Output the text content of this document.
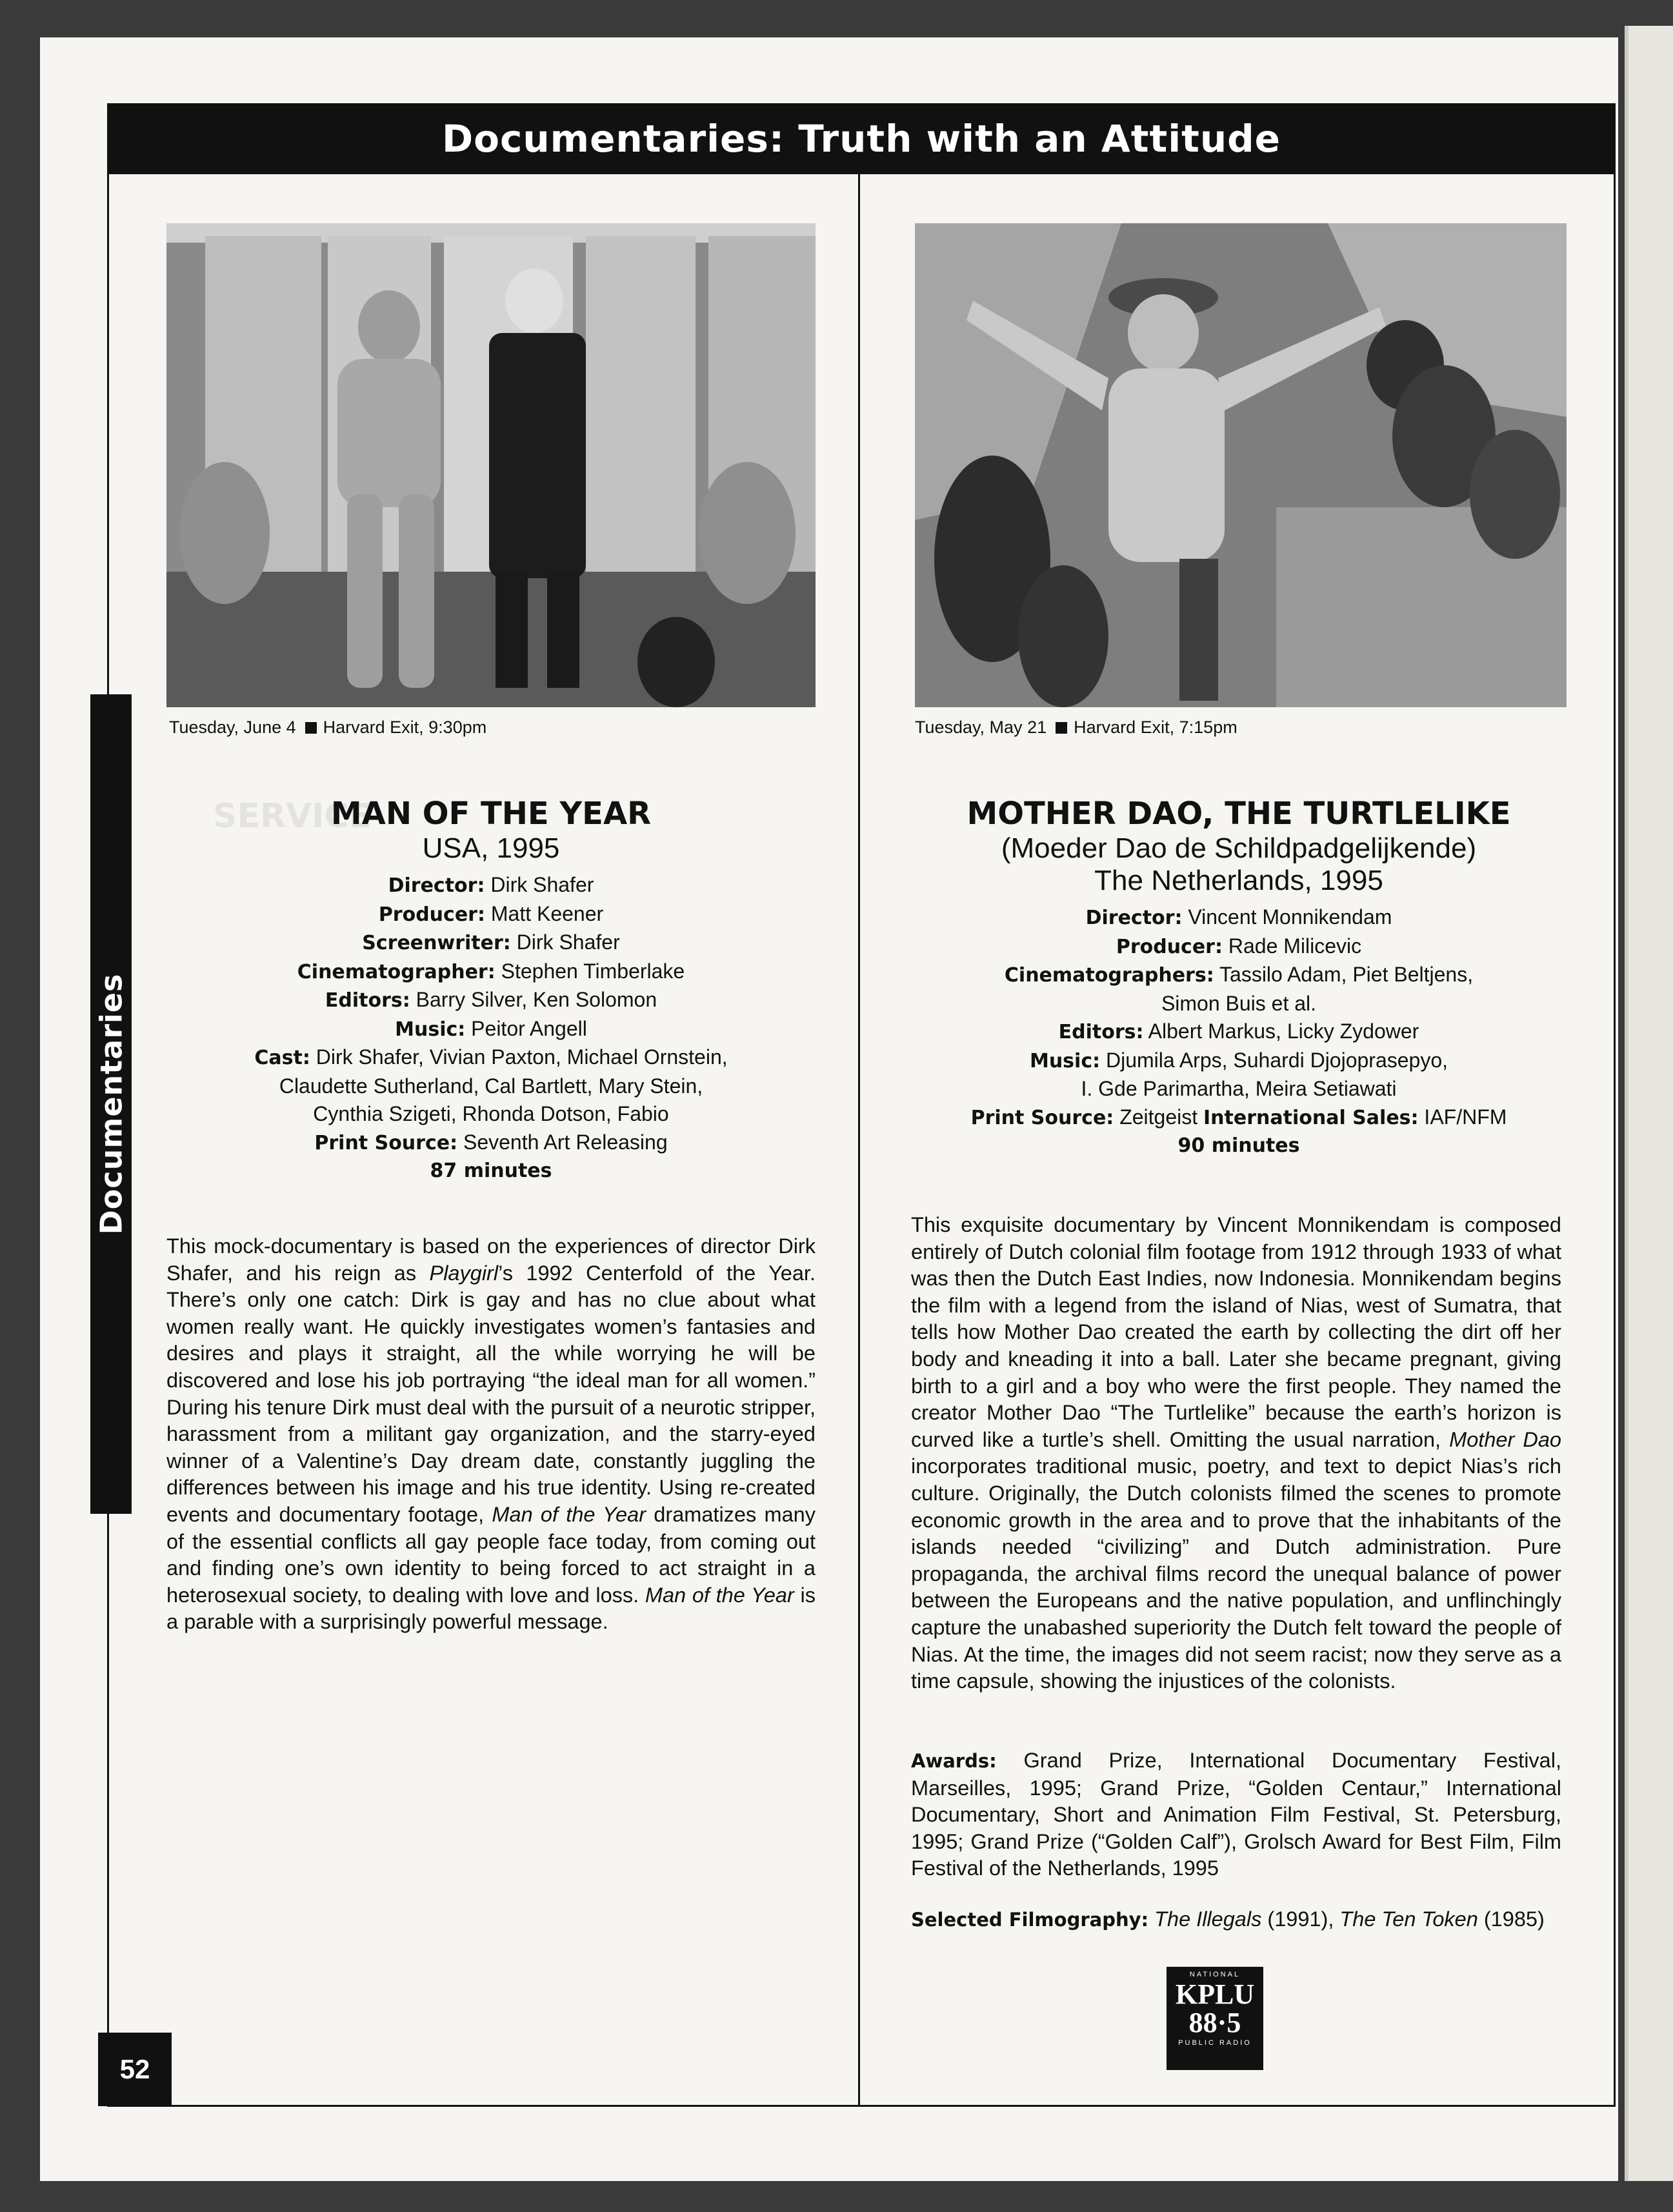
SERVICE
Documentaries: Truth with an Attitude
Documentaries
52
Tuesday, June 4 Harvard Exit, 9:30pm	Tuesday, May 21 Harvard Exit, 7:15pm
MAN OF THE YEAR
USA, 1995
Director: Dirk Shafer
Producer: Matt Keener
Screenwriter: Dirk Shafer
Cinematographer: Stephen Timberlake
Editors: Barry Silver, Ken Solomon
Music: Peitor Angell
Cast: Dirk Shafer, Vivian Paxton, Michael Ornstein,
Claudette Sutherland, Cal Bartlett, Mary Stein,
Cynthia Szigeti, Rhonda Dotson, Fabio
Print Source: Seventh Art Releasing
87 minutes
This mock-documentary is based on the experiences of director Dirk Shafer, and his reign as Playgirl’s 1992 Centerfold of the Year. There’s only one catch: Dirk is gay and has no clue about what women really want. He quickly investigates women’s fantasies and desires and plays it straight, all the while worrying he will be discovered and lose his job portraying “the ideal man for all women.” During his tenure Dirk must deal with the pursuit of a neurotic stripper, harassment from a militant gay organization, and the starry-eyed winner of a Valentine’s Day dream date, constantly juggling the differences between his image and his true identity. Using re-created events and documentary footage, Man of the Year dramatizes many of the essential conflicts all gay people face today, from coming out and finding one’s own identity to being forced to act straight in a heterosexual society, to dealing with love and loss. Man of the Year is a parable with a surprisingly powerful message.
MOTHER DAO, THE TURTLELIKE
(Moeder Dao de Schildpadgelijkende)
The Netherlands, 1995
Director: Vincent Monnikendam
Producer: Rade Milicevic
Cinematographers: Tassilo Adam, Piet Beltjens,
Simon Buis et al.
Editors: Albert Markus, Licky Zydower
Music: Djumila Arps, Suhardi Djojoprasepyo,
I. Gde Parimartha, Meira Setiawati
Print Source: Zeitgeist International Sales: IAF/NFM
90 minutes
This exquisite documentary by Vincent Monnikendam is composed entirely of Dutch colonial film footage from 1912 through 1933 of what was then the Dutch East Indies, now Indonesia. Monnikendam begins the film with a legend from the island of Nias, west of Sumatra, that tells how Mother Dao created the earth by collecting the dirt off her body and kneading it into a ball. Later she became pregnant, giving birth to a girl and a boy who were the first people. They named the creator Mother Dao “The Turtlelike” because the earth’s horizon is curved like a turtle’s shell. Omitting the usual narration, Mother Dao incorporates traditional music, poetry, and text to depict Nias’s rich culture. Originally, the Dutch colonists filmed the scenes to promote economic growth in the area and to prove that the inhabitants of the islands needed “civilizing” and Dutch administration. Pure propaganda, the archival films record the unequal balance of power between the Europeans and the native population, and unflinchingly capture the unabashed superiority the Dutch felt toward the people of Nias. At the time, the images did not seem racist; now they serve as a time capsule, showing the injustices of the colonists.
Awards: Grand Prize, International Documentary Festival, Marseilles, 1995; Grand Prize, “Golden Centaur,” International Documentary, Short and Animation Film Festival, St. Petersburg, 1995; Grand Prize (“Golden Calf”), Grolsch Award for Best Film, Film Festival of the Netherlands, 1995
Selected Filmography: The Illegals (1991), The Ten Token (1985)
NATIONAL
KPLU
88·5
PUBLIC RADIO
